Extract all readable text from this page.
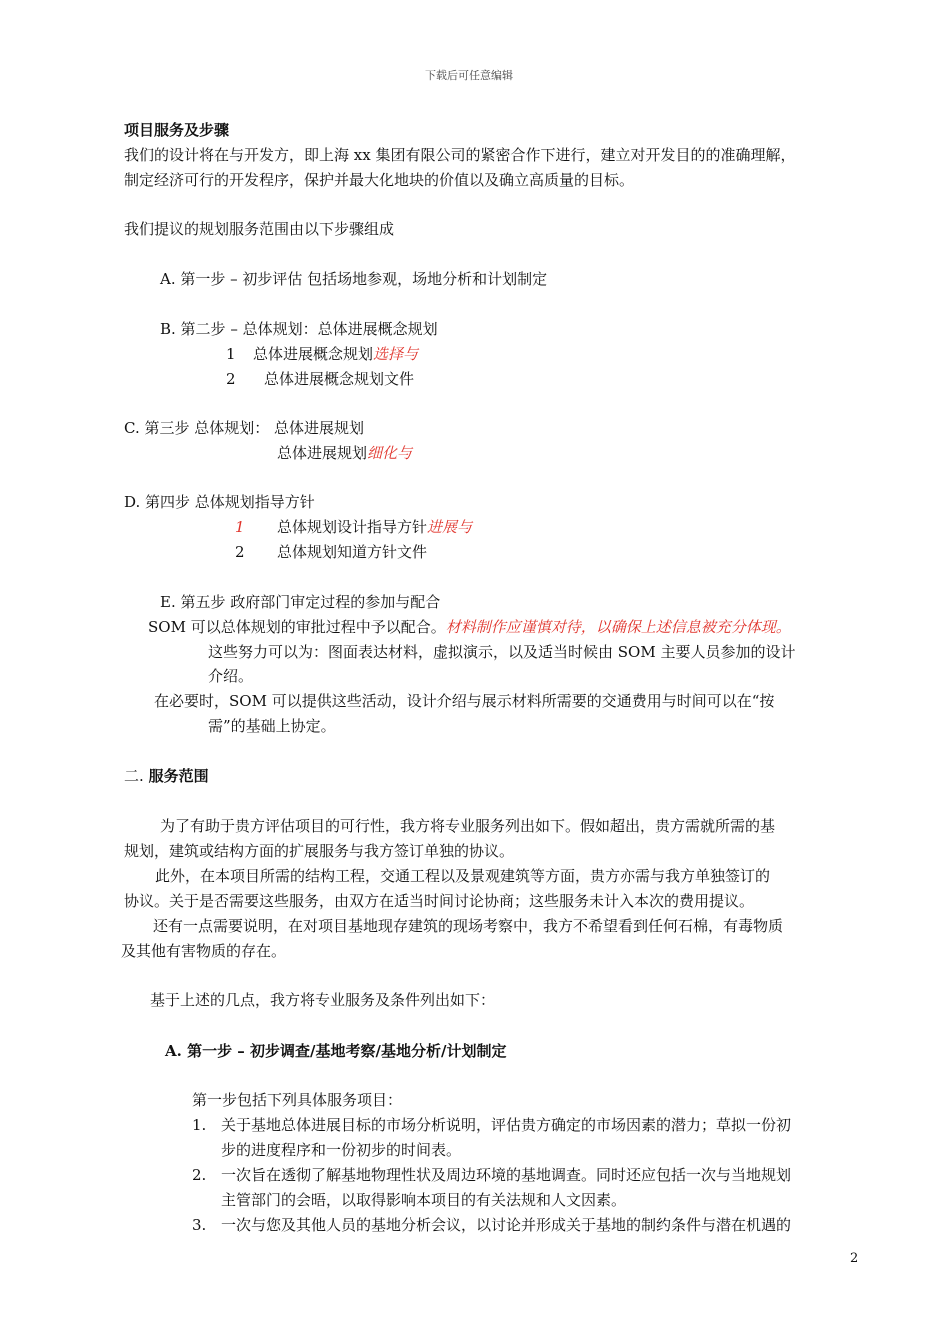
下载后可任意编辑
项目服务及步骤
我们的设计将在与开发方，即上海 xx 集团有限公司的紧密合作下进行，建立对开发目的的准确理解，
制定经济可行的开发程序，保护并最大化地块的价值以及确立高质量的目标。
我们提议的规划服务范围由以下步骤组成
A. 第一步 – 初步评估 包括场地参观，场地分析和计划制定
B. 第二步 – 总体规划：总体进展概念规划
1 总体进展概念规划选择与
2 总体进展概念规划文件
C. 第三步 总体规划： 总体进展规划
总体进展规划细化与
D. 第四步 总体规划指导方针
1 总体规划设计指导方针进展与
2 总体规划知道方针文件
E. 第五步 政府部门审定过程的参加与配合
SOM 可以总体规划的审批过程中予以配合。材料制作应谨慎对待，以确保上述信息被充分体现。
这些努力可以为：图面表达材料，虚拟演示，以及适当时候由 SOM 主要人员参加的设计
介绍。
在必要时，SOM 可以提供这些活动，设计介绍与展示材料所需要的交通费用与时间可以在“按
需”的基础上协定。
二. 服务范围
为了有助于贵方评估项目的可行性，我方将专业服务列出如下。假如超出，贵方需就所需的基
规划，建筑或结构方面的扩展服务与我方签订单独的协议。
此外，在本项目所需的结构工程，交通工程以及景观建筑等方面，贵方亦需与我方单独签订的
协议。关于是否需要这些服务，由双方在适当时间讨论协商；这些服务未计入本次的费用提议。
还有一点需要说明，在对项目基地现存建筑的现场考察中，我方不希望看到任何石棉，有毒物质
及其他有害物质的存在。
基于上述的几点，我方将专业服务及条件列出如下：
A. 第一步 – 初步调查/基地考察/基地分析/计划制定
第一步包括下列具体服务项目：
1. 关于基地总体进展目标的市场分析说明，评估贵方确定的市场因素的潜力；草拟一份初
步的进度程序和一份初步的时间表。
2. 一次旨在透彻了解基地物理性状及周边环境的基地调查。同时还应包括一次与当地规划
主管部门的会晤，以取得影响本项目的有关法规和人文因素。
3. 一次与您及其他人员的基地分析会议，以讨论并形成关于基地的制约条件与潜在机遇的
2
